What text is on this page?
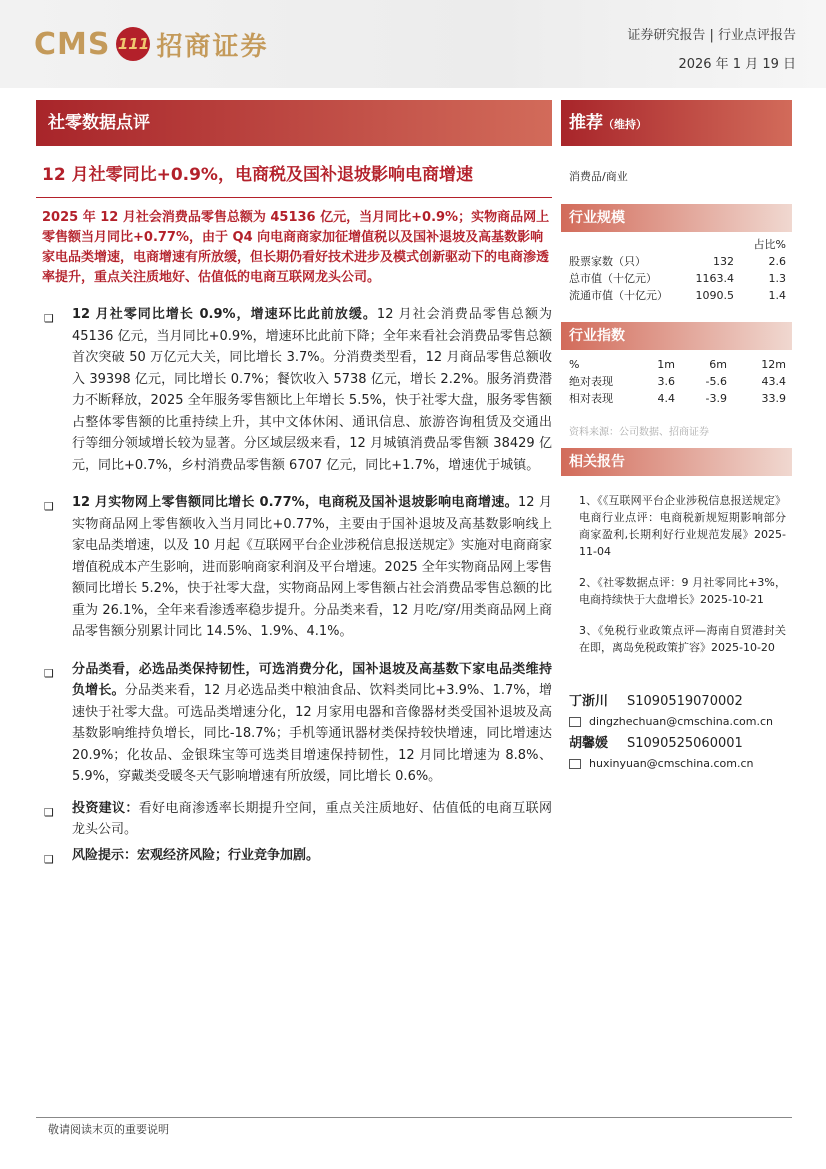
CMS 111 招商证券	证券研究报告 | 行业点评报告
2026 年 1 月 19 日
社零数据点评
12 月社零同比+0.9%，电商税及国补退坡影响电商增速
2025 年 12 月社会消费品零售总额为 45136 亿元，当月同比+0.9%；实物商品网上零售额当月同比+0.77%，由于 Q4 向电商商家加征增值税以及国补退坡及高基数影响家电品类增速，电商增速有所放缓，但长期仍看好技术进步及模式创新驱动下的电商渗透率提升，重点关注质地好、估值低的电商互联网龙头公司。
❑ 12 月社零同比增长 0.9%，增速环比此前放缓。12 月社会消费品零售总额为 45136 亿元，当月同比+0.9%，增速环比此前下降；全年来看社会消费品零售总额首次突破 50 万亿元大关，同比增长 3.7%。分消费类型看，12 月商品零售总额收入 39398 亿元，同比增长 0.7%；餐饮收入 5738 亿元，增长 2.2%。服务消费潜力不断释放，2025 全年服务零售额比上年增长 5.5%，快于社零大盘，服务零售额占整体零售额的比重持续上升，其中文体休闲、通讯信息、旅游咨询租赁及交通出行等细分领域增长较为显著。分区域层级来看，12 月城镇消费品零售额 38429 亿元，同比+0.7%，乡村消费品零售额 6707 亿元，同比+1.7%，增速优于城镇。
❑ 12 月实物网上零售额同比增长 0.77%，电商税及国补退坡影响电商增速。12 月实物商品网上零售额收入当月同比+0.77%，主要由于国补退坡及高基数影响线上家电品类增速，以及 10 月起《互联网平台企业涉税信息报送规定》实施对电商商家增值税成本产生影响，进而影响商家利润及平台增速。2025 全年实物商品网上零售额同比增长 5.2%，快于社零大盘，实物商品网上零售额占社会消费品零售总额的比重为 26.1%，全年来看渗透率稳步提升。分品类来看，12 月吃/穿/用类商品网上商品零售额分别累计同比 14.5%、1.9%、4.1%。
❑ 分品类看，必选品类保持韧性，可选消费分化，国补退坡及高基数下家电品类维持负增长。分品类来看，12 月必选品类中粮油食品、饮料类同比+3.9%、1.7%，增速快于社零大盘。可选品类增速分化，12 月家用电器和音像器材类受国补退坡及高基数影响维持负增长，同比-18.7%；手机等通讯器材类保持较快增速，同比增速达 20.9%；化妆品、金银珠宝等可选类目增速保持韧性，12 月同比增速为 8.8%、5.9%，穿戴类受暖冬天气影响增速有所放缓，同比增长 0.6%。
❑ 投资建议：看好电商渗透率长期提升空间，重点关注质地好、估值低的电商互联网龙头公司。
❑ 风险提示：宏观经济风险；行业竞争加剧。
推荐（维持）
消费品/商业
行业规模
占比%
股票家数（只）	132	2.6
总市值（十亿元）	1163.4	1.3
流通市值（十亿元）	1090.5	1.4
行业指数
%	1m	6m	12m
绝对表现	3.6	-5.6	43.4
相对表现	4.4	-3.9	33.9
资料来源：公司数据、招商证券
相关报告
1、《《互联网平台企业涉税信息报送规定》电商行业点评：电商税新规短期影响部分商家盈利,长期利好行业规范发展》2025-11-04
2、《社零数据点评：9 月社零同比+3%，电商持续快于大盘增长》2025-10-21
3、《免税行业政策点评—海南自贸港封关在即，离岛免税政策扩容》2025-10-20
丁浙川 S1090519070002
dingzhechuan@cmschina.com.cn
胡馨媛 S1090525060001
huxinyuan@cmschina.com.cn
敬请阅读末页的重要说明
